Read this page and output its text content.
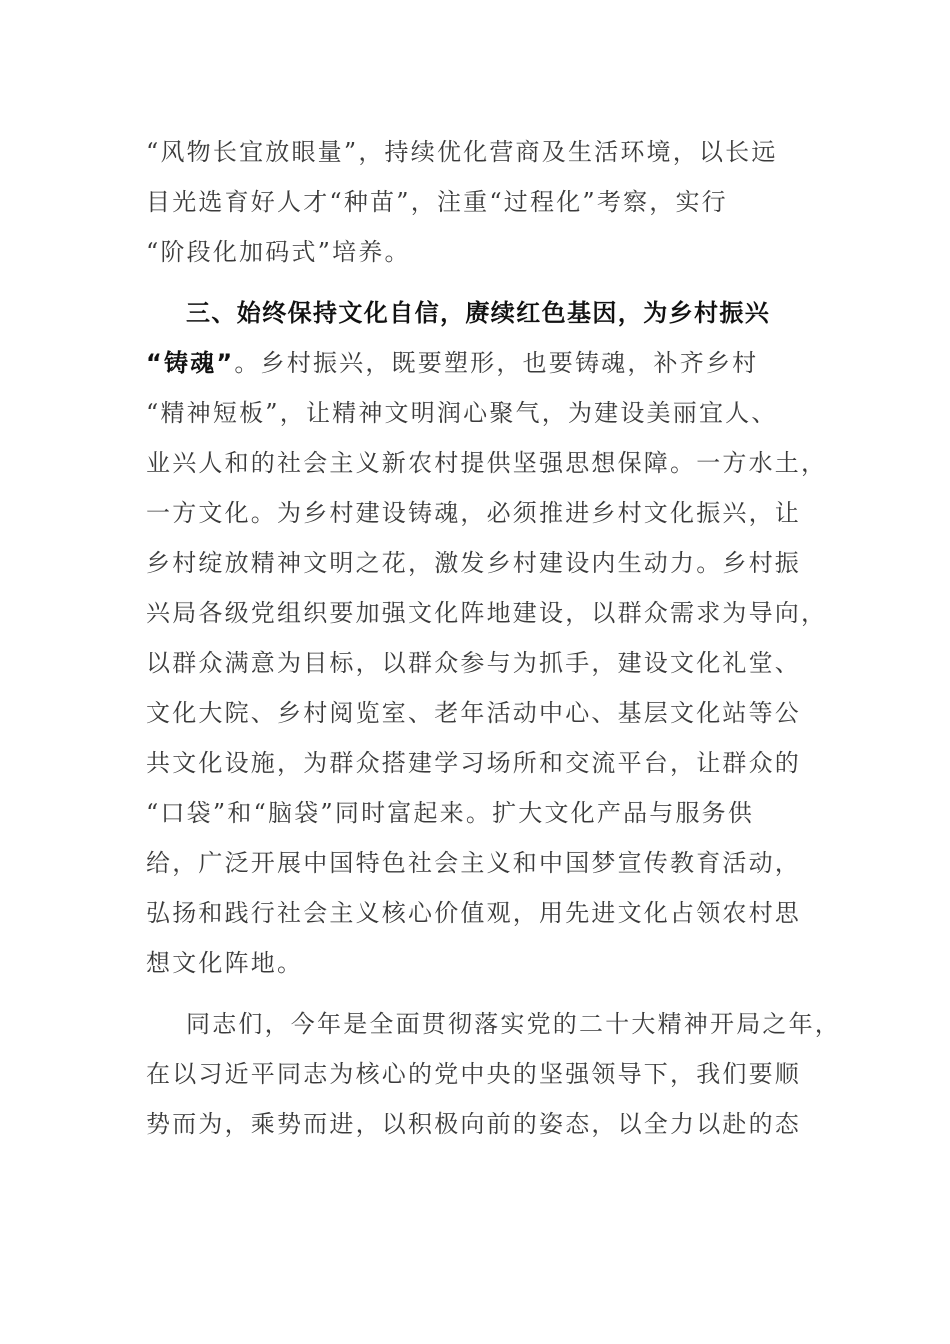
“风物长宜放眼量”，持续优化营商及生活环境，以长远
目光选育好人才“种苗”，注重“过程化”考察，实行
“阶段化加码式”培养。
三、始终保持文化自信，赓续红色基因，为乡村振兴
“铸魂”。乡村振兴，既要塑形，也要铸魂，补齐乡村
“精神短板”，让精神文明润心聚气，为建设美丽宜人、
业兴人和的社会主义新农村提供坚强思想保障。一方水土，
一方文化。为乡村建设铸魂，必须推进乡村文化振兴，让
乡村绽放精神文明之花，激发乡村建设内生动力。乡村振
兴局各级党组织要加强文化阵地建设，以群众需求为导向，
以群众满意为目标，以群众参与为抓手，建设文化礼堂、
文化大院、乡村阅览室、老年活动中心、基层文化站等公
共文化设施，为群众搭建学习场所和交流平台，让群众的
“口袋”和“脑袋”同时富起来。扩大文化产品与服务供
给，广泛开展中国特色社会主义和中国梦宣传教育活动，
弘扬和践行社会主义核心价值观，用先进文化占领农村思
想文化阵地。
同志们，今年是全面贯彻落实党的二十大精神开局之年，
在以习近平同志为核心的党中央的坚强领导下，我们要顺
势而为，乘势而进，以积极向前的姿态，以全力以赴的态
